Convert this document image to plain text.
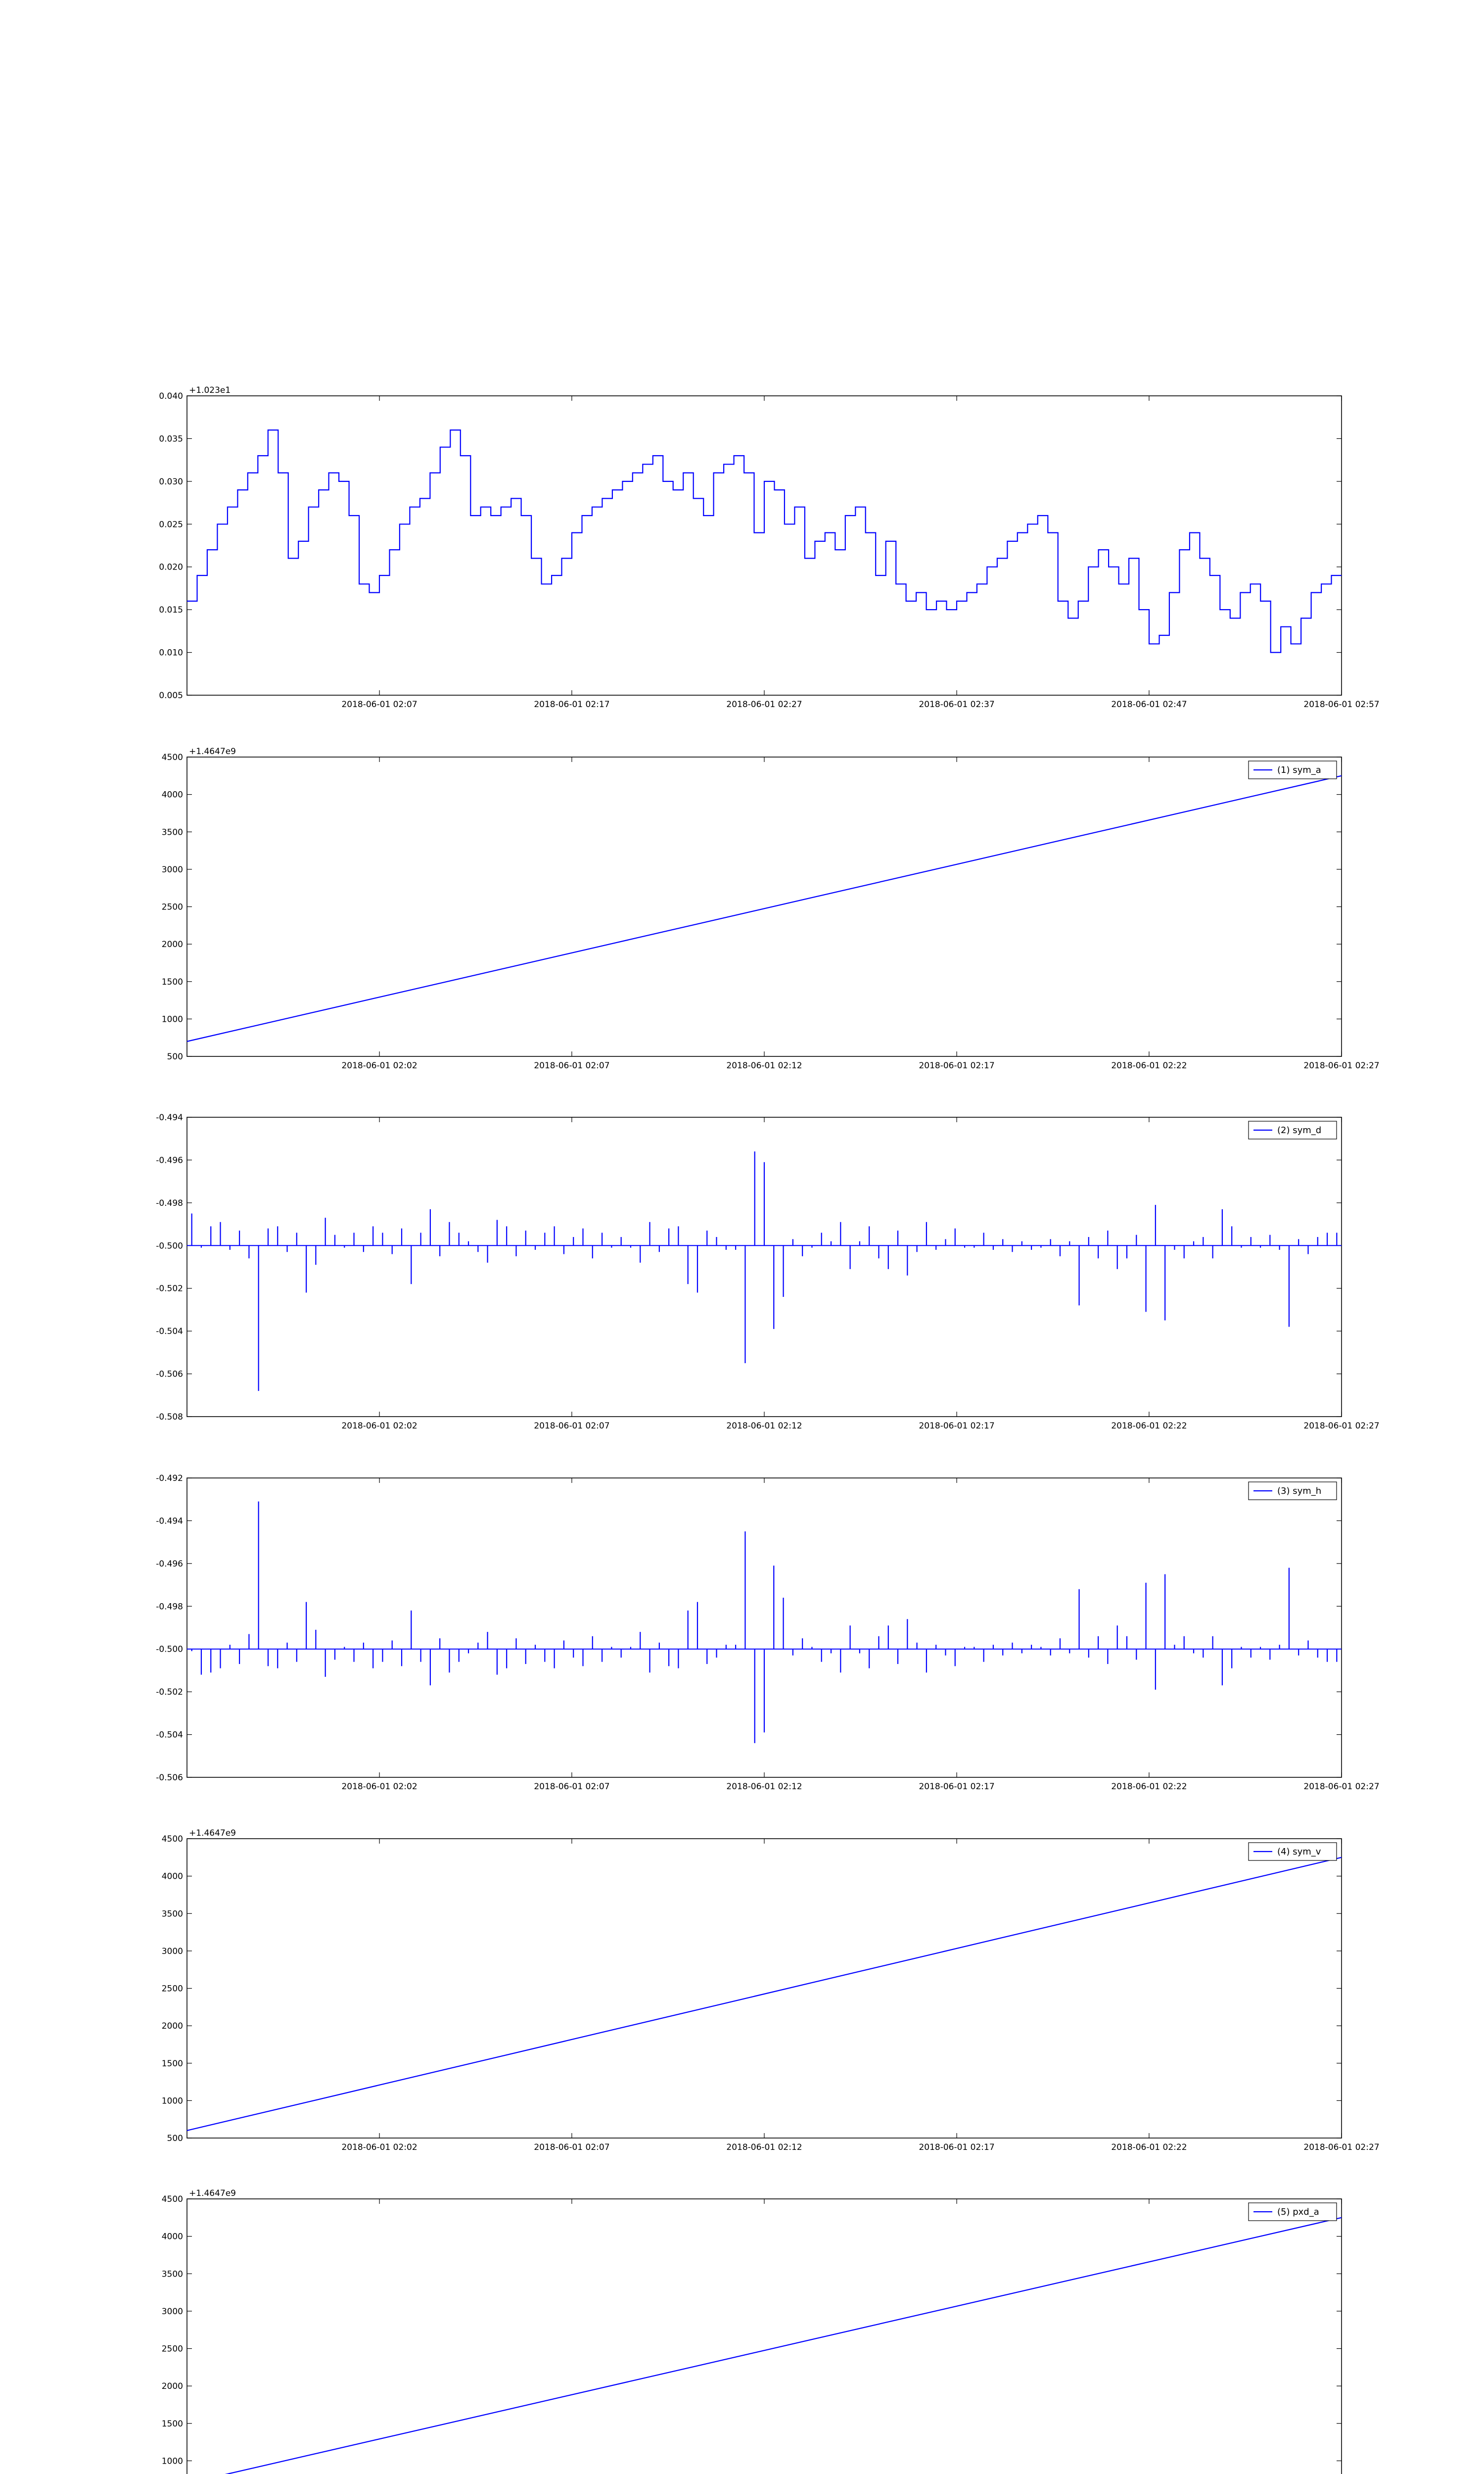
0.040
0.035
0.030
0.025
0.020
0.015
0.010
0.005
2018-06-01 02:07	2018-06-01 02:17	2018-06-01 02:27	2018-06-01 02:37	2018-06-01 02:47	2018-06-01 02:57
+1.023e1
4500
4000
3500
3000
2500
2000
1500
1000
500
2018-06-01 02:02	2018-06-01 02:07	2018-06-01 02:12	2018-06-01 02:17	2018-06-01 02:22	2018-06-01 02:27
+1.4647e9
(1) sym_a
-0.494
-0.496
-0.498
-0.500
-0.502
-0.504
-0.506
-0.508
2018-06-01 02:02	2018-06-01 02:07	2018-06-01 02:12	2018-06-01 02:17	2018-06-01 02:22	2018-06-01 02:27
(2) sym_d
-0.492
-0.494
-0.496
-0.498
-0.500
-0.502
-0.504
-0.506
2018-06-01 02:02	2018-06-01 02:07	2018-06-01 02:12	2018-06-01 02:17	2018-06-01 02:22	2018-06-01 02:27
(3) sym_h
4500
4000
3500
3000
2500
2000
1500
1000
500
2018-06-01 02:02	2018-06-01 02:07	2018-06-01 02:12	2018-06-01 02:17	2018-06-01 02:22	2018-06-01 02:27
+1.4647e9
(4) sym_v
4500
4000
3500
3000
2500
2000
1500
1000
+1.4647e9
(5) pxd_a
